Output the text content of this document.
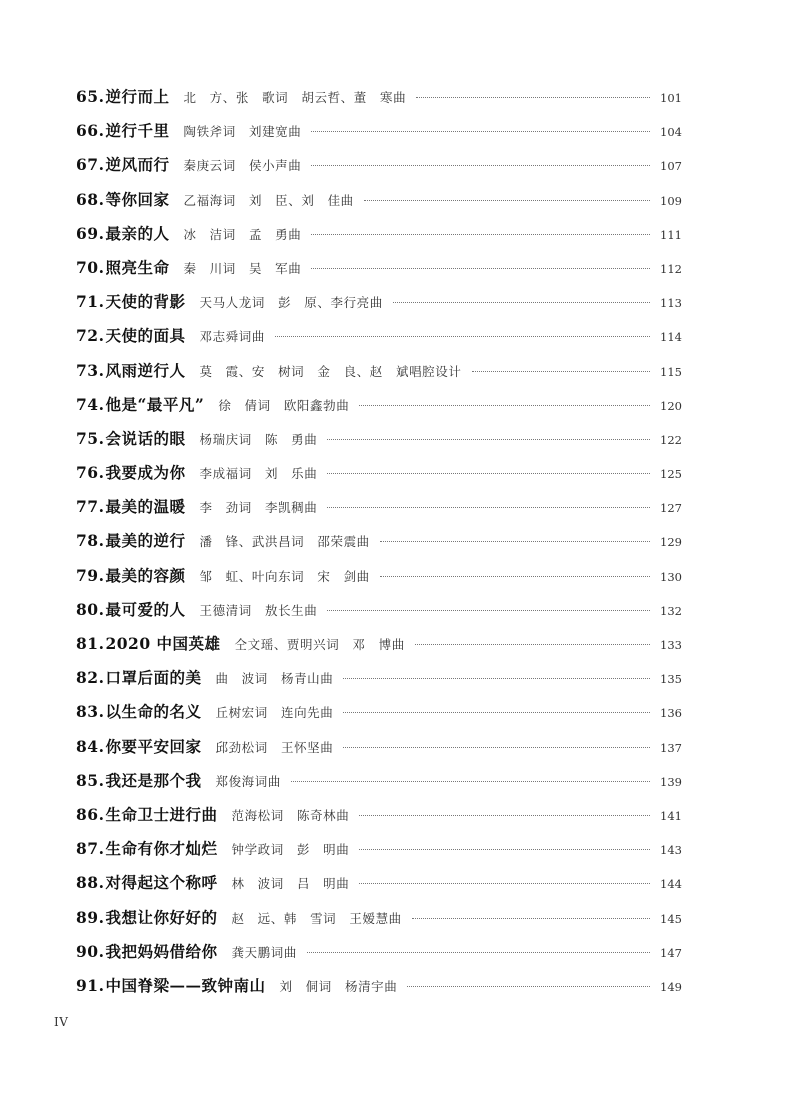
65. 逆行而上 北　方、张　歌词　胡云哲、董　寒曲	101
66. 逆行千里 陶铁斧词　刘建宽曲	104
67. 逆风而行 秦庚云词　侯小声曲	107
68. 等你回家 乙福海词　刘　臣、刘　佳曲	109
69. 最亲的人 冰　洁词　孟　勇曲	111
70. 照亮生命 秦　川词　吴　军曲	112
71. 天使的背影 天马人龙词　彭　原、李行亮曲	113
72. 天使的面具 邓志舜词曲	114
73. 风雨逆行人 莫　霞、安　树词　金　良、赵　斌唱腔设计	115
74. 他是“最平凡” 徐　倩词　欧阳鑫勃曲	120
75. 会说话的眼 杨瑞庆词　陈　勇曲	122
76. 我要成为你 李成福词　刘　乐曲	125
77. 最美的温暖 李　劲词　李凯稠曲	127
78. 最美的逆行 潘　锋、武洪昌词　邵荣震曲	129
79. 最美的容颜 邹　虹、叶向东词　宋　剑曲	130
80. 最可爱的人 王德清词　敖长生曲	132
81. 2020 中国英雄 仝文瑶、贾明兴词　邓　博曲	133
82. 口罩后面的美 曲　波词　杨青山曲	135
83. 以生命的名义 丘树宏词　连向先曲	136
84. 你要平安回家 邱劲松词　王怀坚曲	137
85. 我还是那个我 郑俊海词曲	139
86. 生命卫士进行曲 范海松词　陈奇林曲	141
87. 生命有你才灿烂 钟学政词　彭　明曲	143
88. 对得起这个称呼 林　波词　吕　明曲	144
89. 我想让你好好的 赵　远、韩　雪词　王嫒慧曲	145
90. 我把妈妈借给你 龚天鹏词曲	147
91. 中国脊梁——致钟南山 刘　侗词　杨清宇曲	149
IV
